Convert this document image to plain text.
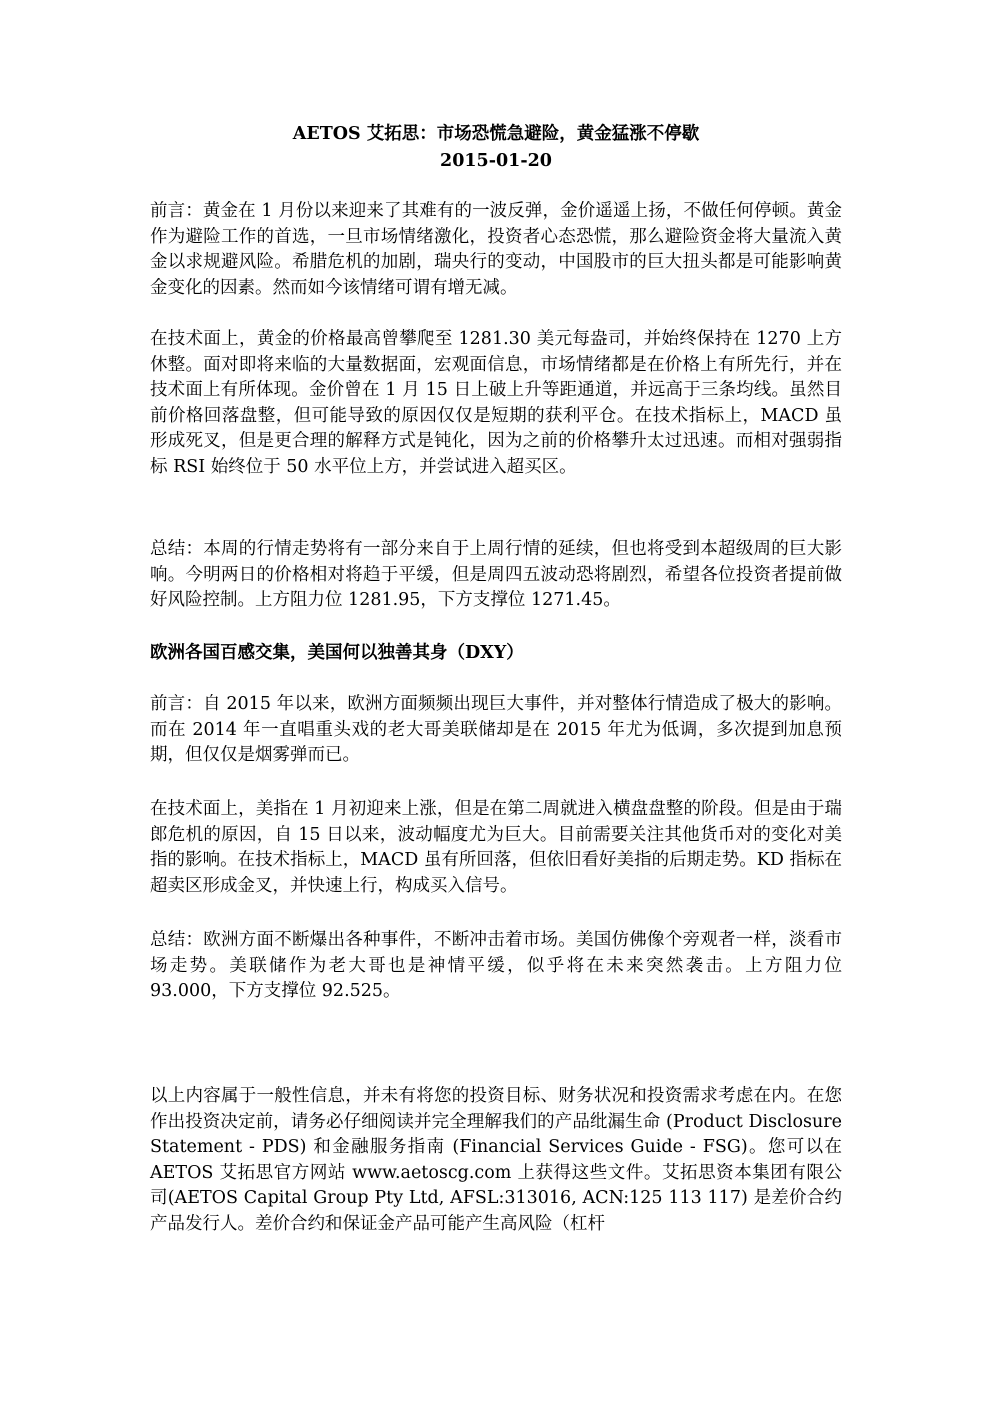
AETOS 艾拓思：市场恐慌急避险，黄金猛涨不停歇
2015-01-20

前言：黄金在 1 月份以来迎来了其难有的一波反弹，金价遥遥上扬，不做任何停顿。黄金作为避险工作的首选，一旦市场情绪激化，投资者心态恐慌，那么避险资金将大量流入黄金以求规避风险。希腊危机的加剧，瑞央行的变动，中国股市的巨大扭头都是可能影响黄金变化的因素。然而如今该情绪可谓有增无减。

在技术面上，黄金的价格最高曾攀爬至 1281.30 美元每盎司，并始终保持在 1270 上方休整。面对即将来临的大量数据面，宏观面信息，市场情绪都是在价格上有所先行，并在技术面上有所体现。金价曾在 1 月 15 日上破上升等距通道，并远高于三条均线。虽然目前价格回落盘整，但可能导致的原因仅仅是短期的获利平仓。在技术指标上，MACD 虽形成死叉，但是更合理的解释方式是钝化，因为之前的价格攀升太过迅速。而相对强弱指标 RSI 始终位于 50 水平位上方，并尝试进入超买区。

总结：本周的行情走势将有一部分来自于上周行情的延续，但也将受到本超级周的巨大影响。今明两日的价格相对将趋于平缓，但是周四五波动恐将剧烈，希望各位投资者提前做好风险控制。上方阻力位 1281.95，下方支撑位 1271.45。

欧洲各国百感交集，美国何以独善其身（DXY）

前言：自 2015 年以来，欧洲方面频频出现巨大事件，并对整体行情造成了极大的影响。而在 2014 年一直唱重头戏的老大哥美联储却是在 2015 年尤为低调，多次提到加息预期，但仅仅是烟雾弹而已。

在技术面上，美指在 1 月初迎来上涨，但是在第二周就进入横盘盘整的阶段。但是由于瑞郎危机的原因，自 15 日以来，波动幅度尤为巨大。目前需要关注其他货币对的变化对美指的影响。在技术指标上，MACD 虽有所回落，但依旧看好美指的后期走势。KD 指标在超卖区形成金叉，并快速上行，构成买入信号。

总结：欧洲方面不断爆出各种事件，不断冲击着市场。美国仿佛像个旁观者一样，淡看市场走势。美联储作为老大哥也是神情平缓，似乎将在未来突然袭击。上方阻力位 93.000，下方支撑位 92.525。

以上内容属于一般性信息，并未有将您的投资目标、财务状况和投资需求考虑在内。在您作出投资决定前，请务必仔细阅读并完全理解我们的产品纰漏生命 (Product Disclosure Statement - PDS) 和金融服务指南 (Financial Services Guide - FSG)。您可以在 AETOS 艾拓思官方网站 www.aetoscg.com 上获得这些文件。艾拓思资本集团有限公司(AETOS Capital Group Pty Ltd, AFSL:313016, ACN:125 113 117) 是差价合约产品发行人。差价合约和保证金产品可能产生高风险（杠杆
